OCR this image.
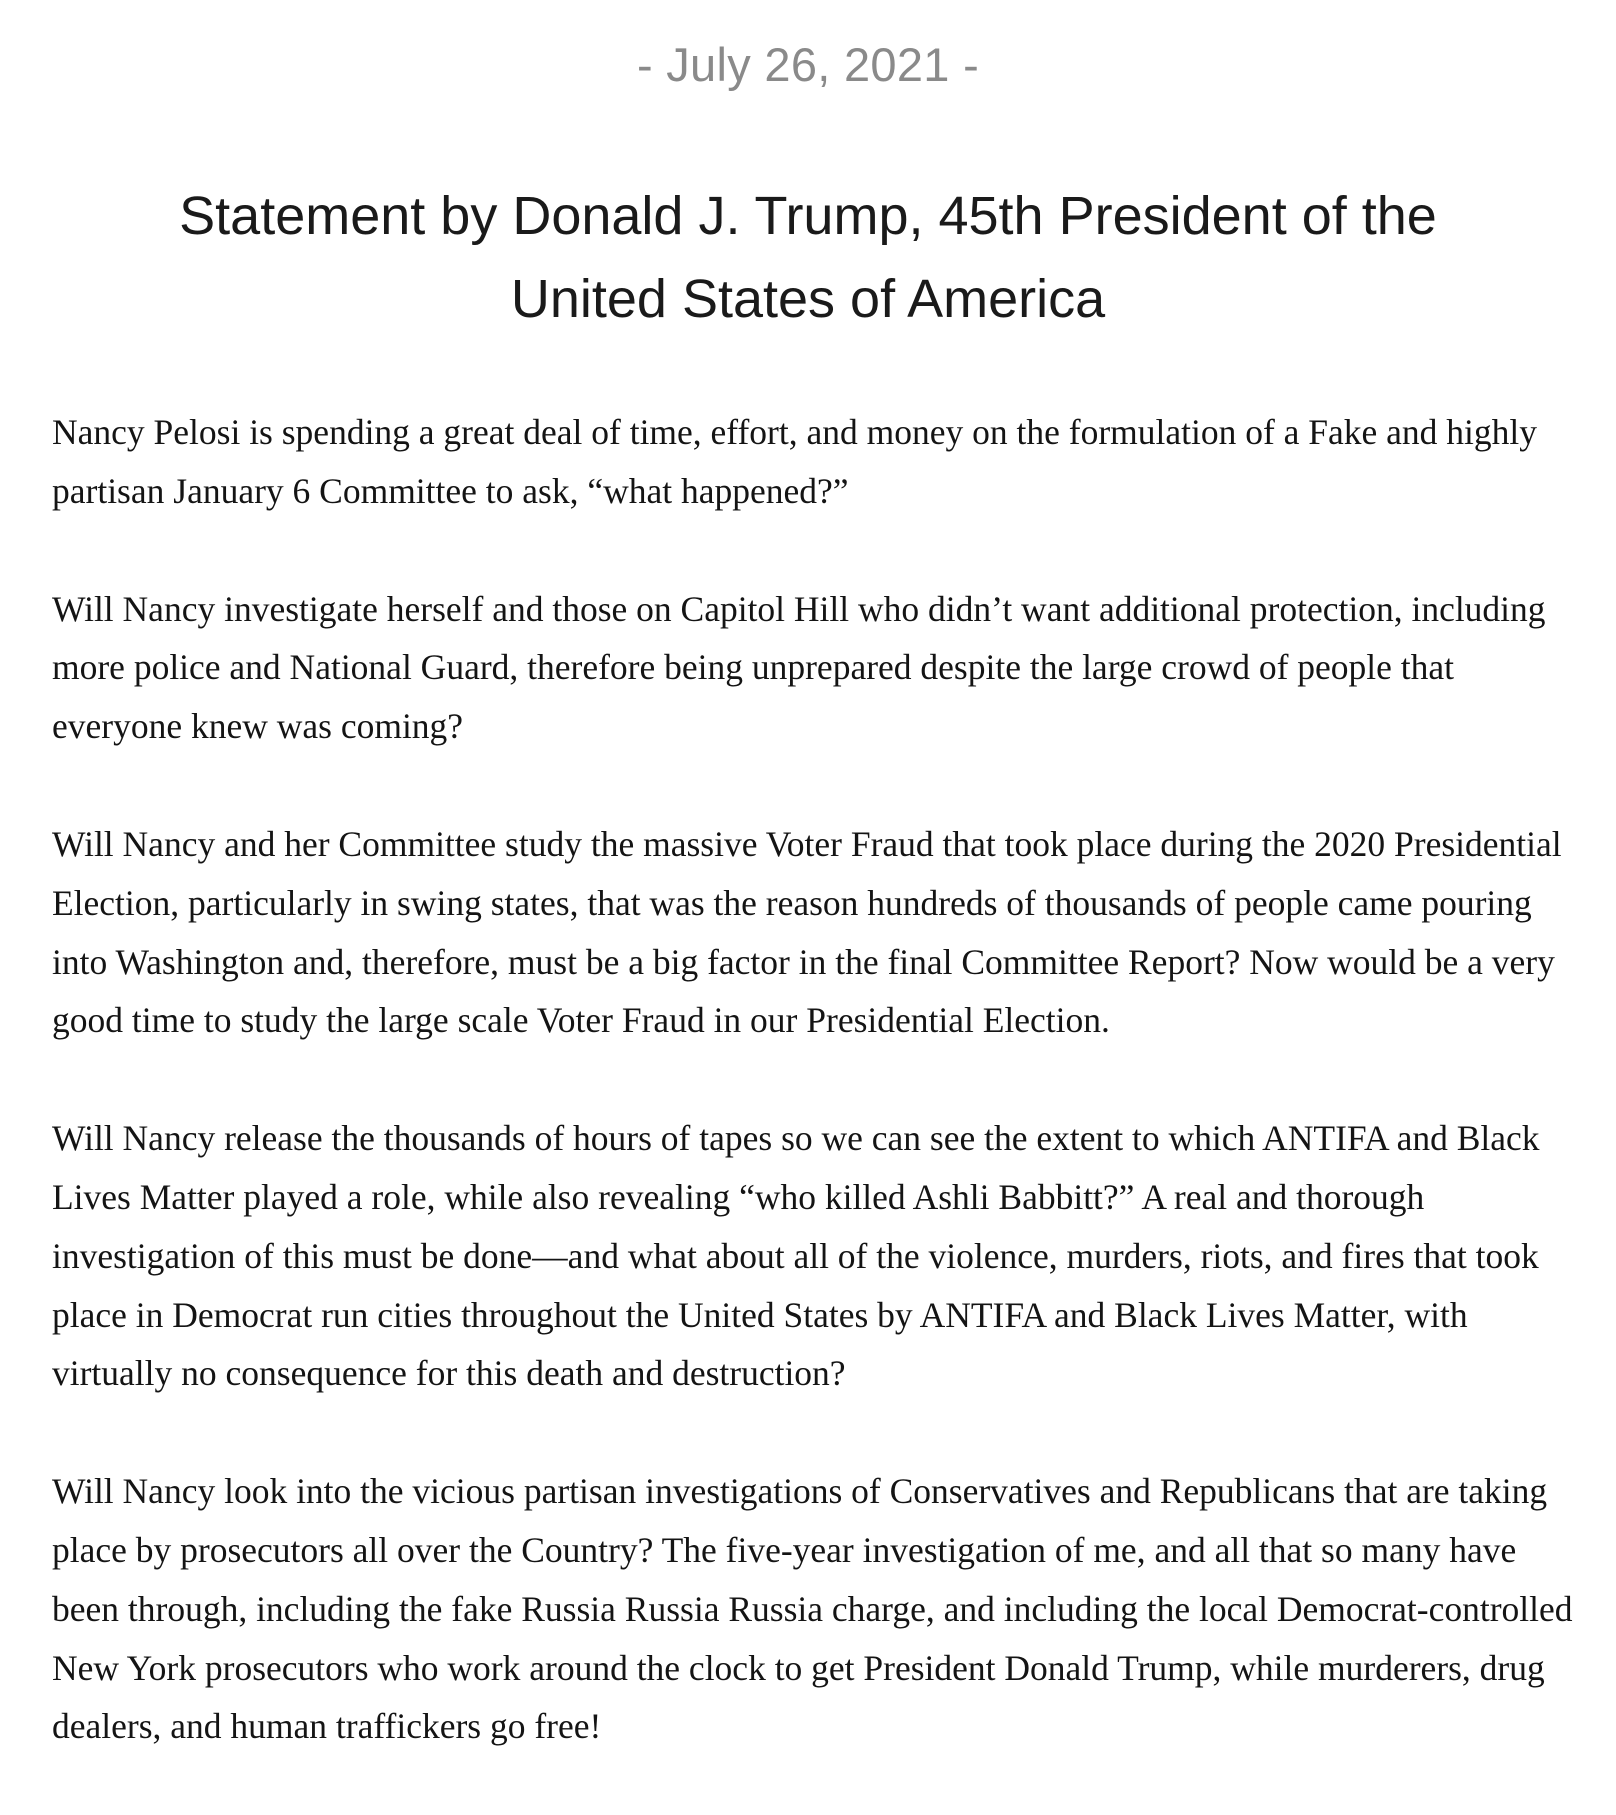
- July 26, 2021 -
Statement by Donald J. Trump, 45th President of the United States of America

Nancy Pelosi is spending a great deal of time, effort, and money on the formulation of a Fake and highly partisan January 6 Committee to ask, “what happened?”

Will Nancy investigate herself and those on Capitol Hill who didn’t want additional protection, including more police and National Guard, therefore being unprepared despite the large crowd of people that everyone knew was coming?

Will Nancy and her Committee study the massive Voter Fraud that took place during the 2020 Presidential Election, particularly in swing states, that was the reason hundreds of thousands of people came pouring into Washington and, therefore, must be a big factor in the final Committee Report? Now would be a very good time to study the large scale Voter Fraud in our Presidential Election.

Will Nancy release the thousands of hours of tapes so we can see the extent to which ANTIFA and Black Lives Matter played a role, while also revealing “who killed Ashli Babbitt?” A real and thorough investigation of this must be done—and what about all of the violence, murders, riots, and fires that took place in Democrat run cities throughout the United States by ANTIFA and Black Lives Matter, with virtually no consequence for this death and destruction?

Will Nancy look into the vicious partisan investigations of Conservatives and Republicans that are taking place by prosecutors all over the Country? The five-year investigation of me, and all that so many have been through, including the fake Russia Russia Russia charge, and including the local Democrat-controlled New York prosecutors who work around the clock to get President Donald Trump, while murderers, drug dealers, and human traffickers go free!
